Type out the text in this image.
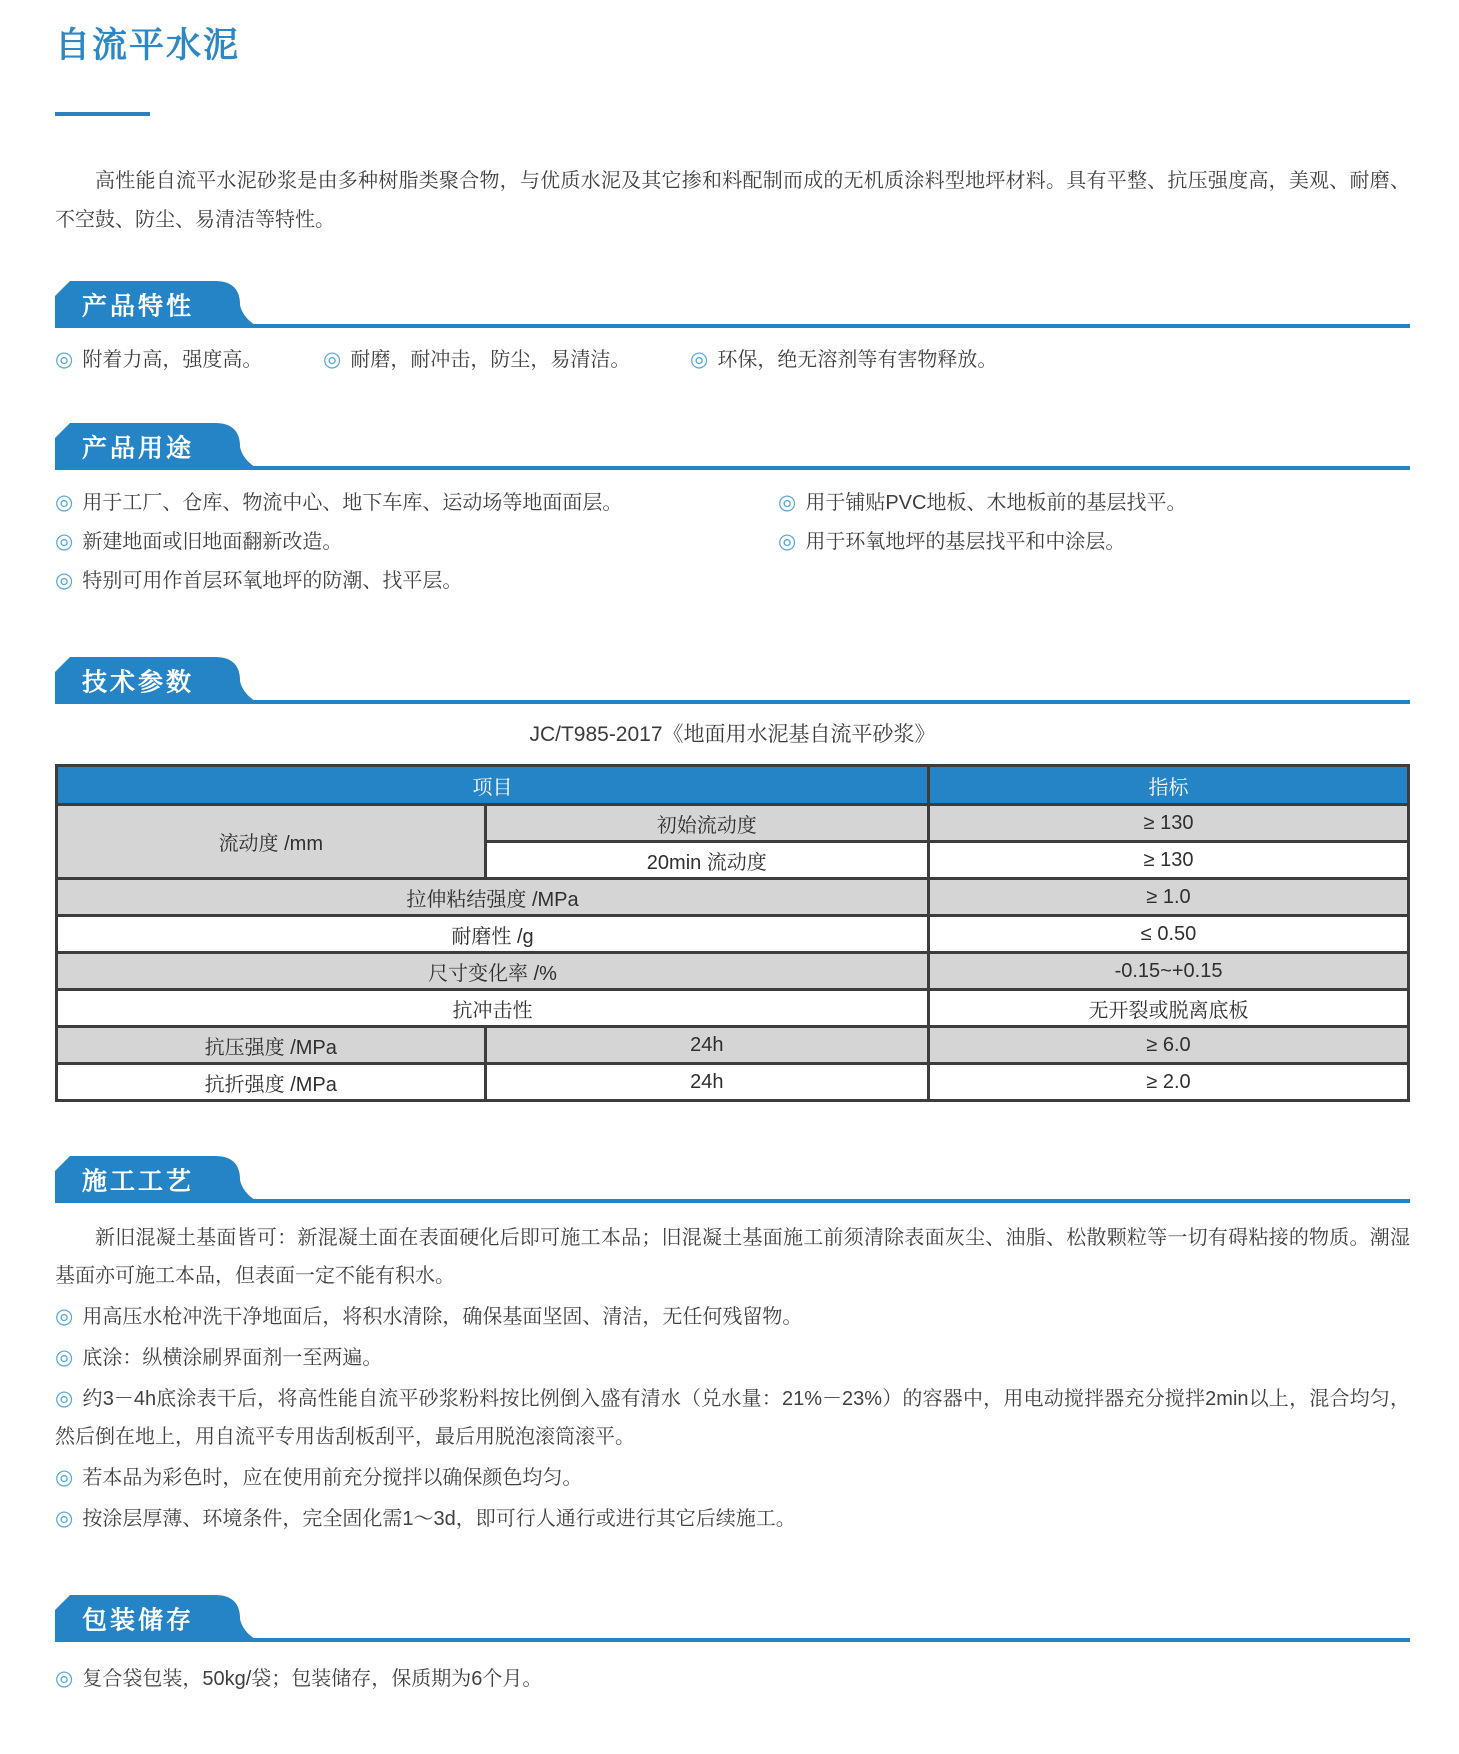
自流平水泥

高性能自流平水泥砂浆是由多种树脂类聚合物，与优质水泥及其它掺和料配制而成的无机质涂料型地坪材料。具有平整、抗压强度高，美观、耐磨、不空鼓、防尘、易清洁等特性。

产品特性
◎ 附着力高，强度高。	◎ 耐磨，耐冲击，防尘，易清洁。	◎ 环保，绝无溶剂等有害物释放。
产品用途
◎ 用于工厂、仓库、物流中心、地下车库、运动场等地面面层。
◎ 新建地面或旧地面翻新改造。
◎ 特别可用作首层环氧地坪的防潮、找平层。
◎ 用于铺贴PVC地板、木地板前的基层找平。
◎ 用于环氧地坪的基层找平和中涂层。
技术参数
JC/T985-2017《地面用水泥基自流平砂浆》
项目		指标
流动度 /mm	初始流动度	≥ 130
	20min 流动度	≥ 130
拉伸粘结强度 /MPa		≥ 1.0
耐磨性 /g		≤ 0.50
尺寸变化率 /%		-0.15~+0.15
抗冲击性		无开裂或脱离底板
抗压强度 /MPa	24h	≥ 6.0
抗折强度 /MPa	24h	≥ 2.0
施工工艺

新旧混凝土基面皆可：新混凝土面在表面硬化后即可施工本品；旧混凝土基面施工前须清除表面灰尘、油脂、松散颗粒等一切有碍粘接的物质。潮湿基面亦可施工本品，但表面一定不能有积水。

◎ 用高压水枪冲洗干净地面后，将积水清除，确保基面坚固、清洁，无任何残留物。

◎ 底涂：纵横涂刷界面剂一至两遍。

◎ 约3－4h底涂表干后，将高性能自流平砂浆粉料按比例倒入盛有清水（兑水量：21%－23%）的容器中，用电动搅拌器充分搅拌2min以上，混合均匀，然后倒在地上，用自流平专用齿刮板刮平，最后用脱泡滚筒滚平。

◎ 若本品为彩色时，应在使用前充分搅拌以确保颜色均匀。

◎ 按涂层厚薄、环境条件，完全固化需1～3d，即可行人通行或进行其它后续施工。

包装储存

◎ 复合袋包装，50kg/袋；包装储存，保质期为6个月。
